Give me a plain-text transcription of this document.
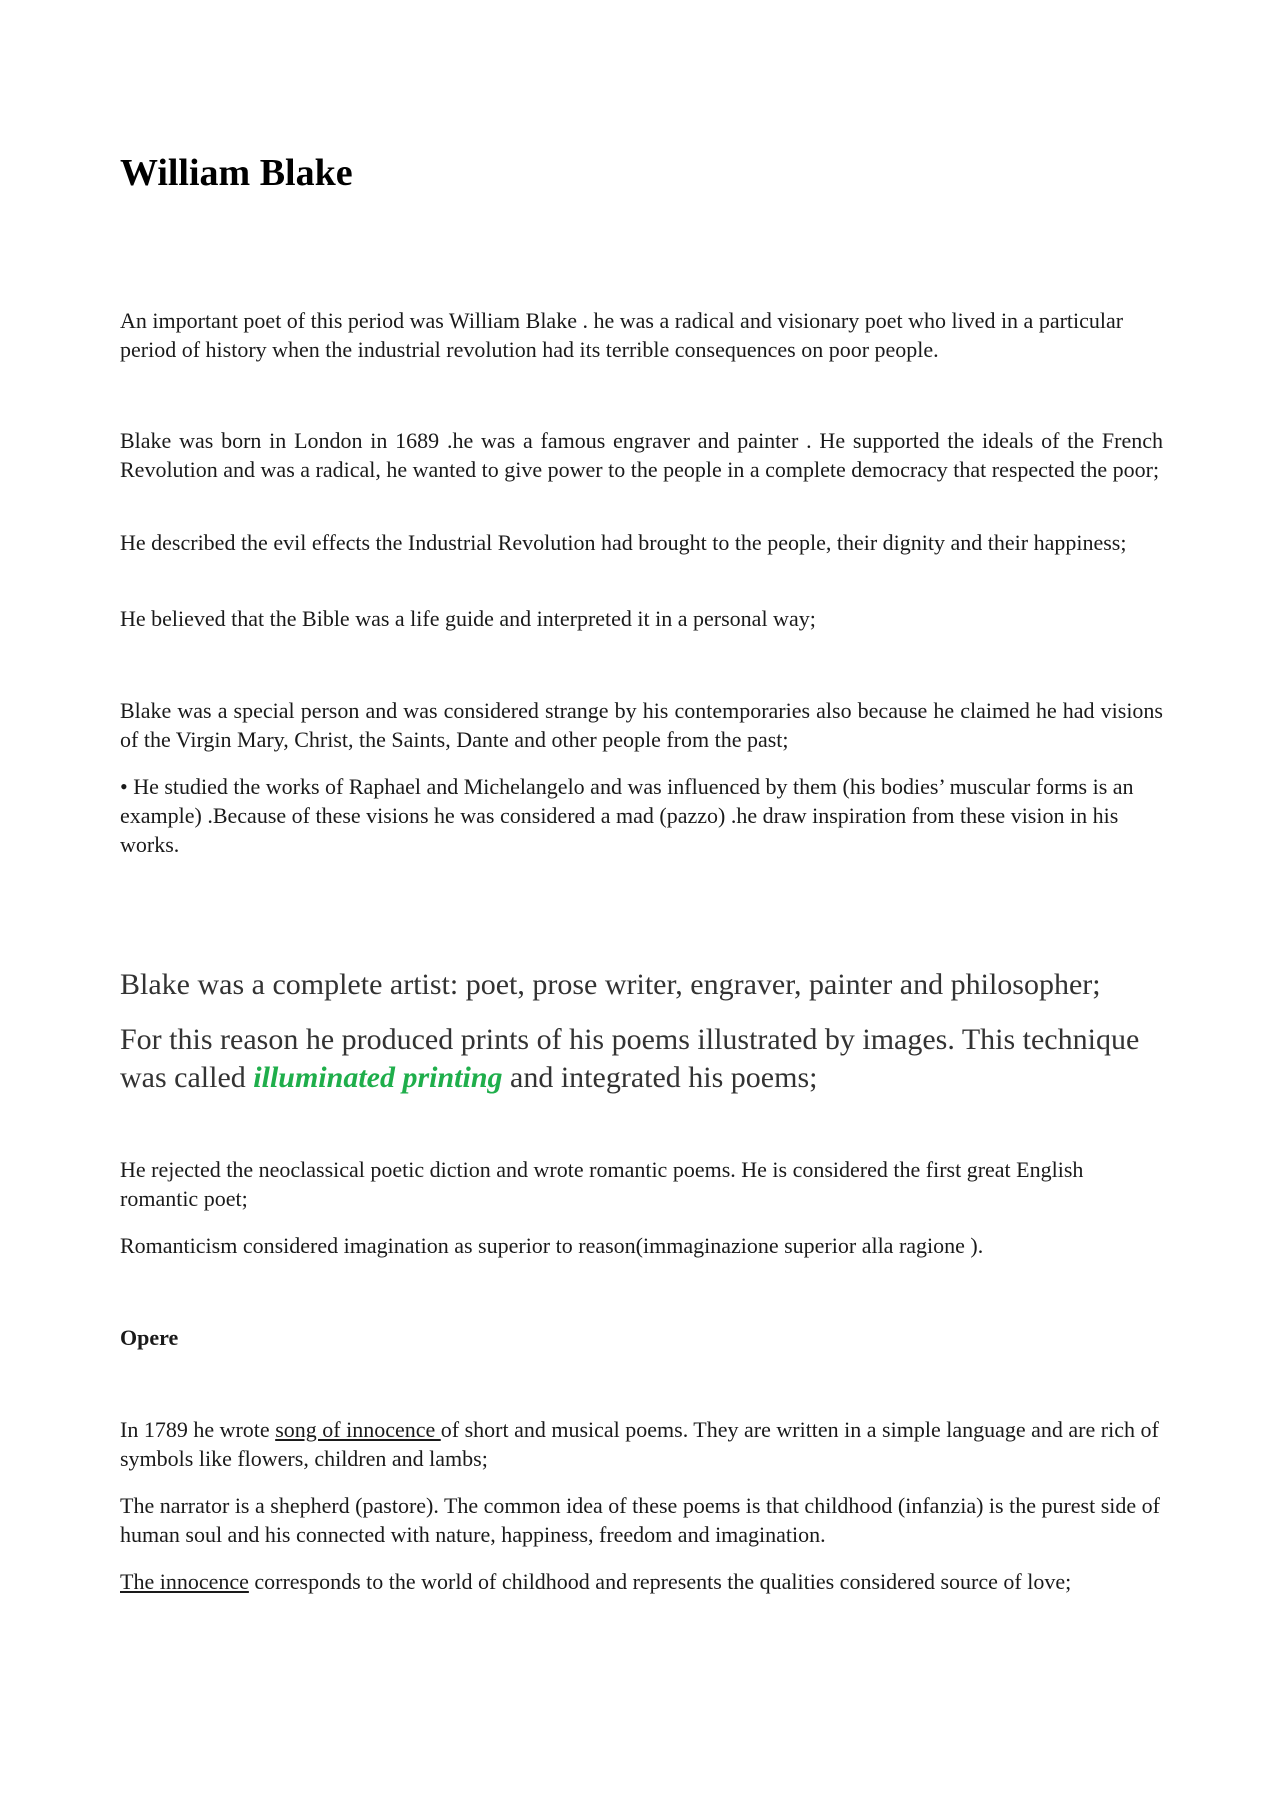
William Blake

An important poet of this period was William Blake . he was a radical and visionary poet who lived in a particular period of history when the industrial revolution had its terrible consequences on poor people.

Blake was born in London in 1689 .he was a famous engraver and painter . He supported the ideals of the French Revolution and was a radical, he wanted to give power to the people in a complete democracy that respected the poor;

He described the evil effects the Industrial Revolution had brought to the people, their dignity and their happiness;

He believed that the Bible was a life guide and interpreted it in a personal way;

Blake was a special person and was considered strange by his contemporaries also because he claimed he had visions of the Virgin Mary, Christ, the Saints, Dante and other people from the past;

• He studied the works of Raphael and Michelangelo and was influenced by them (his bodies’ muscular forms is an example) .Because of these visions he was considered a mad (pazzo) .he draw inspiration from these vision in his works.

Blake was a complete artist: poet, prose writer, engraver, painter and philosopher;

For this reason he produced prints of his poems illustrated by images. This technique was called illuminated printing and integrated his poems;

He rejected the neoclassical poetic diction and wrote romantic poems. He is considered the first great English romantic poet;

Romanticism considered imagination as superior to reason(immaginazione superior alla ragione ).

Opere

In 1789 he wrote song of innocence of short and musical poems. They are written in a simple language and are rich of symbols like flowers, children and lambs;

The narrator is a shepherd (pastore). The common idea of these poems is that childhood (infanzia) is the purest side of human soul and his connected with nature, happiness, freedom and imagination.

The innocence corresponds to the world of childhood and represents the qualities considered source of love;
